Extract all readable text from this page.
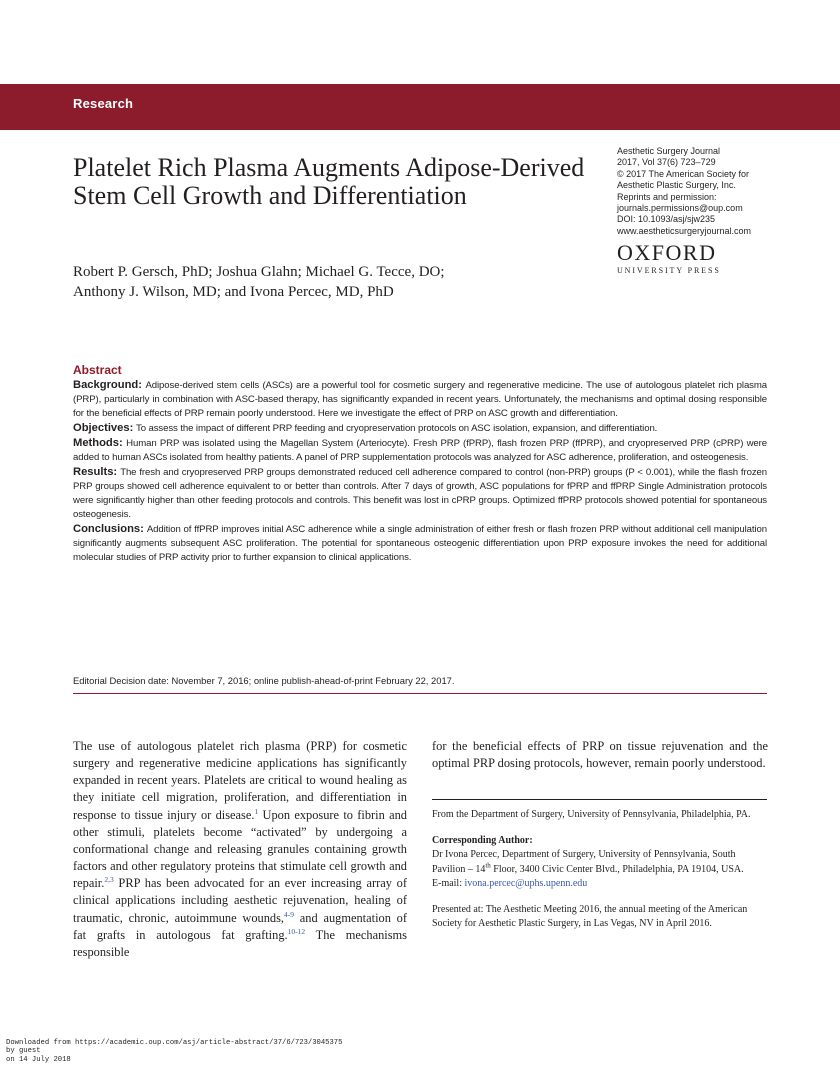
Research
Platelet Rich Plasma Augments Adipose-Derived Stem Cell Growth and Differentiation
Aesthetic Surgery Journal
2017, Vol 37(6) 723–729
© 2017 The American Society for
Aesthetic Plastic Surgery, Inc.
Reprints and permission:
journals.permissions@oup.com
DOI: 10.1093/asj/sjw235
www.aestheticsurgeryjournal.com
OXFORD
UNIVERSITY PRESS
Robert P. Gersch, PhD; Joshua Glahn; Michael G. Tecce, DO;
Anthony J. Wilson, MD; and Ivona Percec, MD, PhD
Abstract

Background: Adipose-derived stem cells (ASCs) are a powerful tool for cosmetic surgery and regenerative medicine. The use of autologous platelet rich plasma (PRP), particularly in combination with ASC-based therapy, has significantly expanded in recent years. Unfortunately, the mechanisms and optimal dosing responsible for the beneficial effects of PRP remain poorly understood. Here we investigate the effect of PRP on ASC growth and differentiation.

Objectives: To assess the impact of different PRP feeding and cryopreservation protocols on ASC isolation, expansion, and differentiation.

Methods: Human PRP was isolated using the Magellan System (Arteriocyte). Fresh PRP (fPRP), flash frozen PRP (ffPRP), and cryopreserved PRP (cPRP) were added to human ASCs isolated from healthy patients. A panel of PRP supplementation protocols was analyzed for ASC adherence, proliferation, and osteogenesis.

Results: The fresh and cryopreserved PRP groups demonstrated reduced cell adherence compared to control (non-PRP) groups (P < 0.001), while the flash frozen PRP groups showed cell adherence equivalent to or better than controls. After 7 days of growth, ASC populations for fPRP and ffPRP Single Administration protocols were significantly higher than other feeding protocols and controls. This benefit was lost in cPRP groups. Optimized ffPRP protocols showed potential for spontaneous osteogenesis.

Conclusions: Addition of ffPRP improves initial ASC adherence while a single administration of either fresh or flash frozen PRP without additional cell manipulation significantly augments subsequent ASC proliferation. The potential for spontaneous osteogenic differentiation upon PRP exposure invokes the need for additional molecular studies of PRP activity prior to further expansion to clinical applications.

Editorial Decision date: November 7, 2016; online publish-ahead-of-print February 22, 2017.

The use of autologous platelet rich plasma (PRP) for cosmetic surgery and regenerative medicine applications has significantly expanded in recent years. Platelets are critical to wound healing as they initiate cell migration, proliferation, and differentiation in response to tissue injury or disease.$^1$ Upon exposure to fibrin and other stimuli, platelets become “activated” by undergoing a conformational change and releasing granules containing growth factors and other regulatory proteins that stimulate cell growth and repair.$^{2,3}$ PRP has been advocated for an ever increasing array of clinical applications including aesthetic rejuvenation, healing of traumatic, chronic, autoimmune wounds,$^{4-9}$ and augmentation of fat grafts in autologous fat grafting.$^{10-12}$ The mechanisms responsible

for the beneficial effects of PRP on tissue rejuvenation and the optimal PRP dosing protocols, however, remain poorly understood.

From the Department of Surgery, University of Pennsylvania, Philadelphia, PA.
Corresponding Author:
Dr Ivona Percec, Department of Surgery, University of Pennsylvania, South Pavilion – 14th Floor, 3400 Civic Center Blvd., Philadelphia, PA 19104, USA.
E-mail: ivona.percec@uphs.upenn.edu
Presented at: The Aesthetic Meeting 2016, the annual meeting of the American Society for Aesthetic Plastic Surgery, in Las Vegas, NV in April 2016.
Downloaded from https://academic.oup.com/asj/article-abstract/37/6/723/3045375
by guest
on 14 July 2018
